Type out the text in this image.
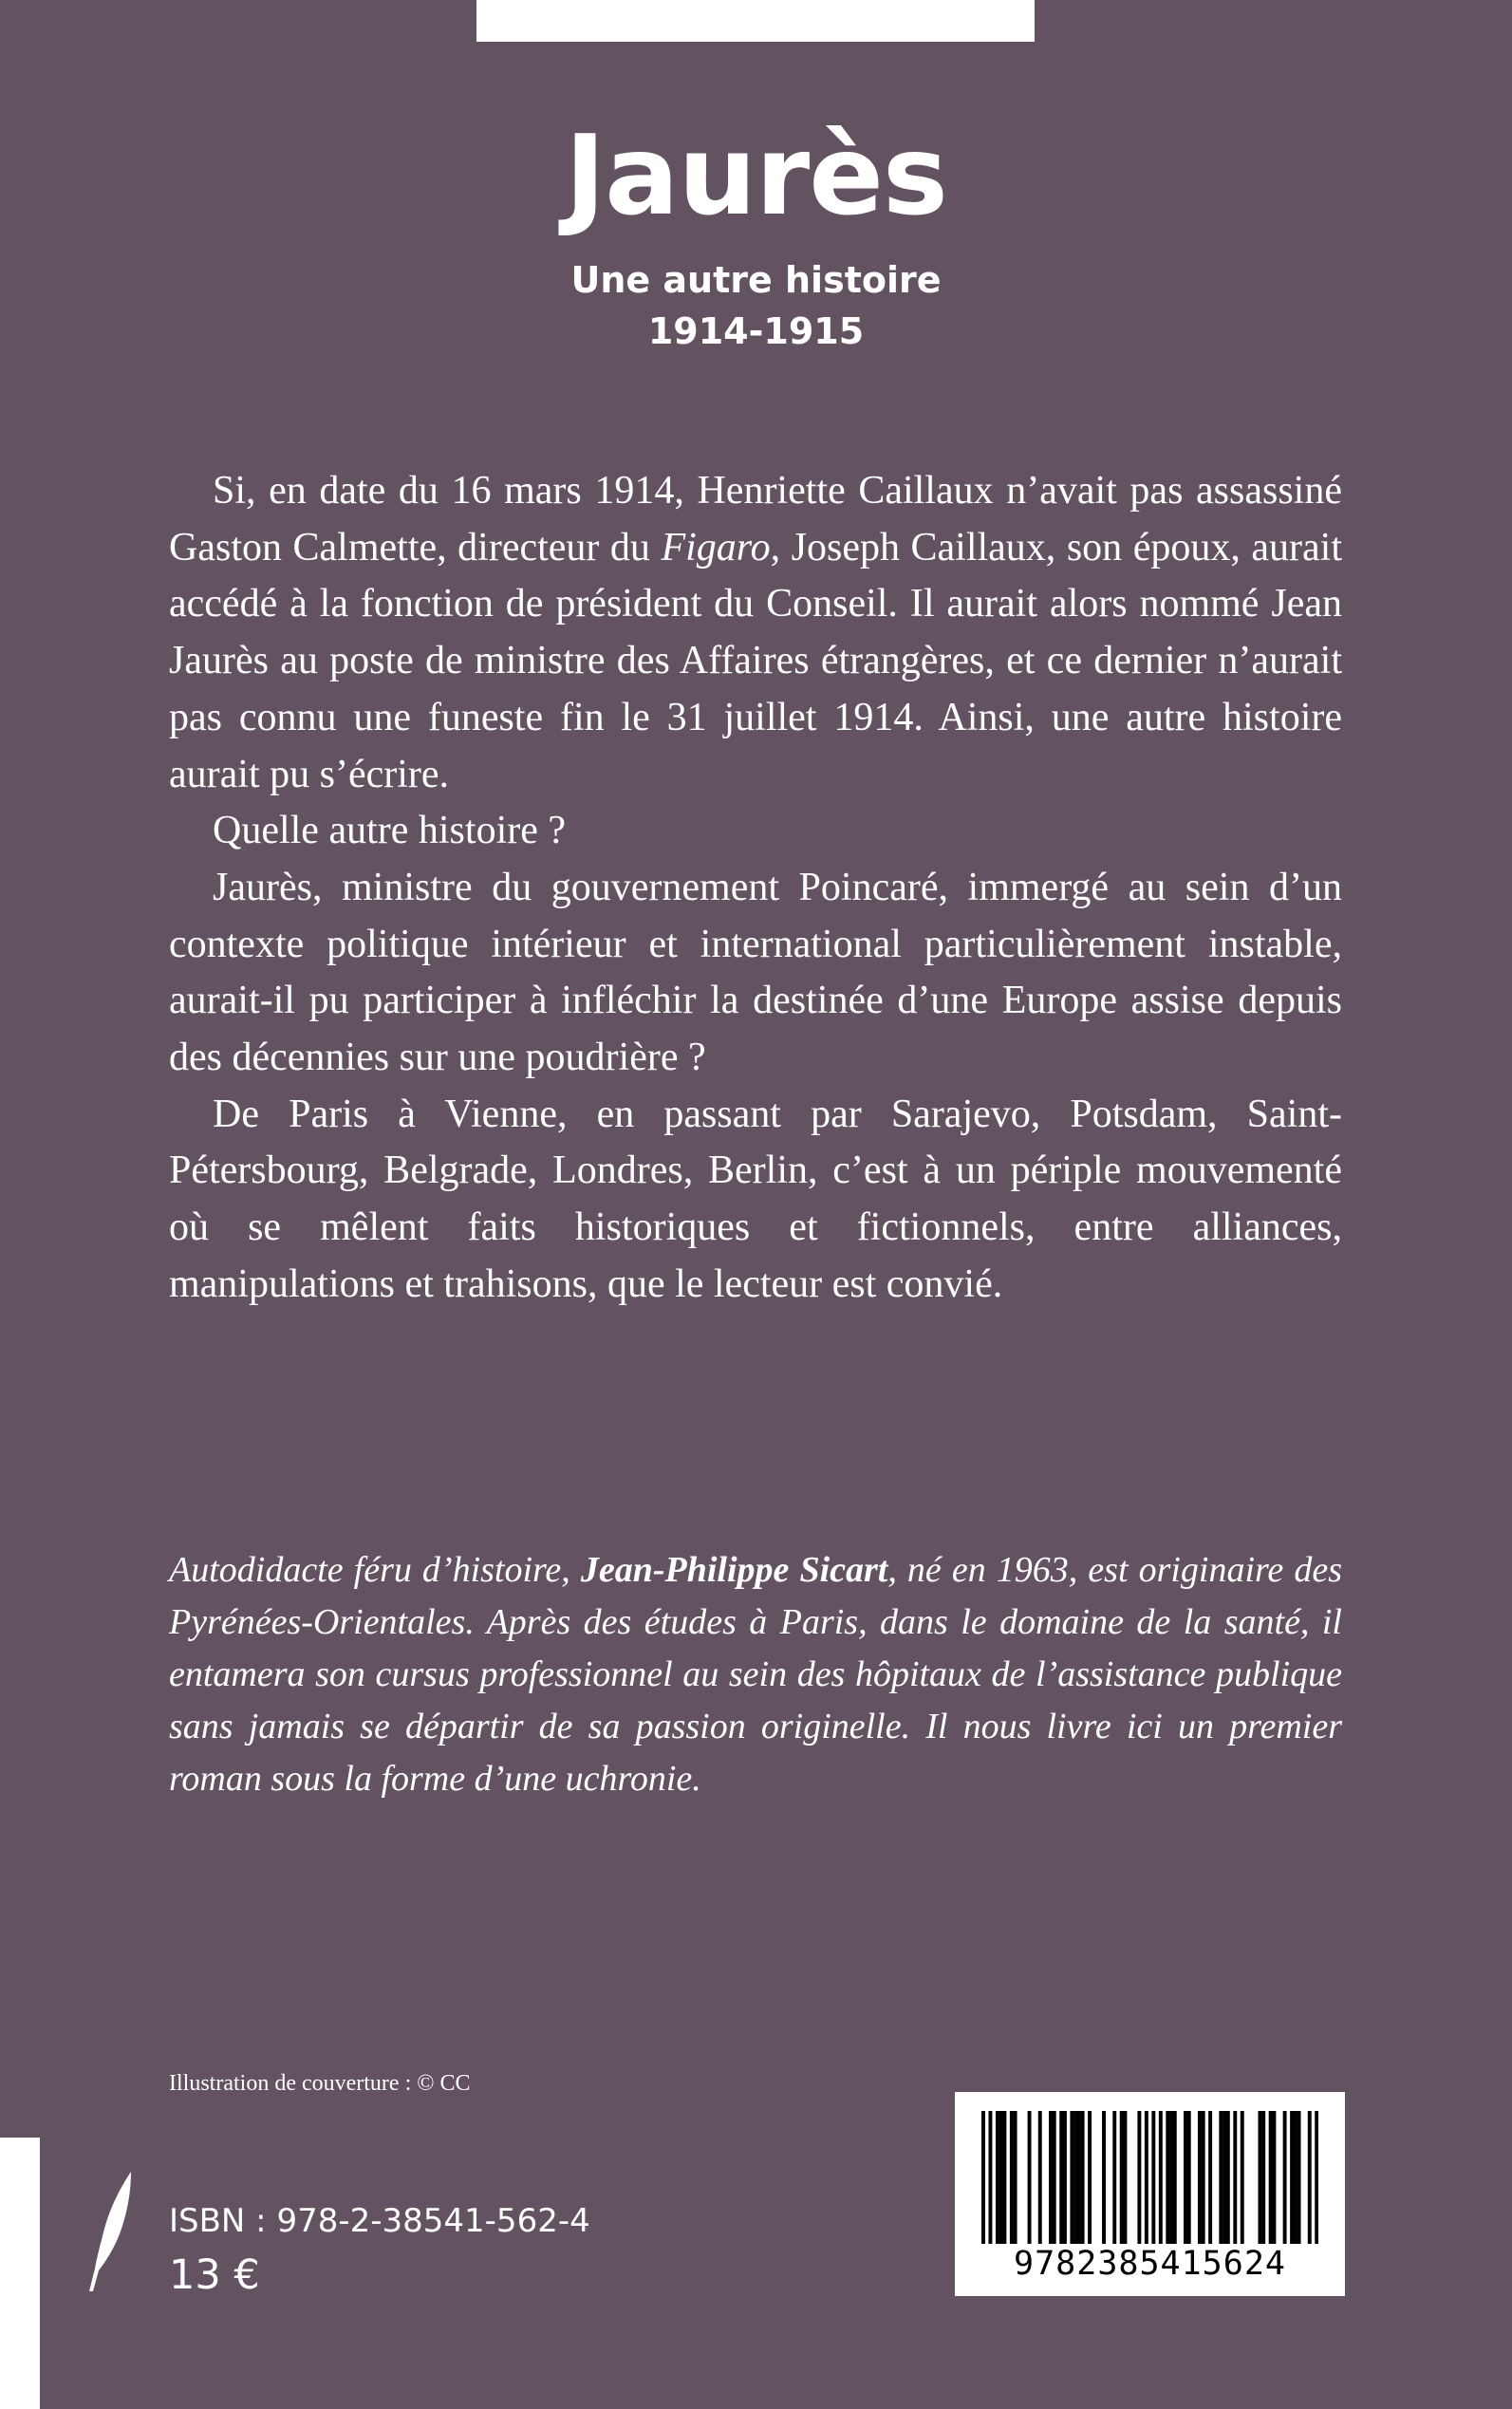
Jaurès
Une autre histoire
1914-1915

Si, en date du 16 mars 1914, Henriette Caillaux n’avait pas assassiné Gaston Calmette, directeur du Figaro, Joseph Caillaux, son époux, aurait accédé à la fonction de président du Conseil. Il aurait alors nommé Jean Jaurès au poste de ministre des Affaires étrangères, et ce dernier n’aurait pas connu une funeste fin le 31 juillet 1914. Ainsi, une autre histoire aurait pu s’écrire.

Quelle autre histoire ?

Jaurès, ministre du gouvernement Poincaré, immergé au sein d’un contexte politique intérieur et international particulièrement instable, aurait-il pu participer à infléchir la destinée d’une Europe assise depuis des décennies sur une poudrière ?

De Paris à Vienne, en passant par Sarajevo, Potsdam, Saint-Pétersbourg, Belgrade, Londres, Berlin, c’est à un périple mouvementé où se mêlent faits historiques et fictionnels, entre alliances, manipulations et trahisons, que le lecteur est convié.

Autodidacte féru d’histoire, Jean-Philippe Sicart, né en 1963, est originaire des Pyrénées-Orientales. Après des études à Paris, dans le domaine de la santé, il entamera son cursus professionnel au sein des hôpitaux de l’assistance publique sans jamais se départir de sa passion originelle. Il nous livre ici un premier roman sous la forme d’une uchronie.

Illustration de couverture : © CC
ISBN : 978-2-38541-562-4
13 €	9782385415624
